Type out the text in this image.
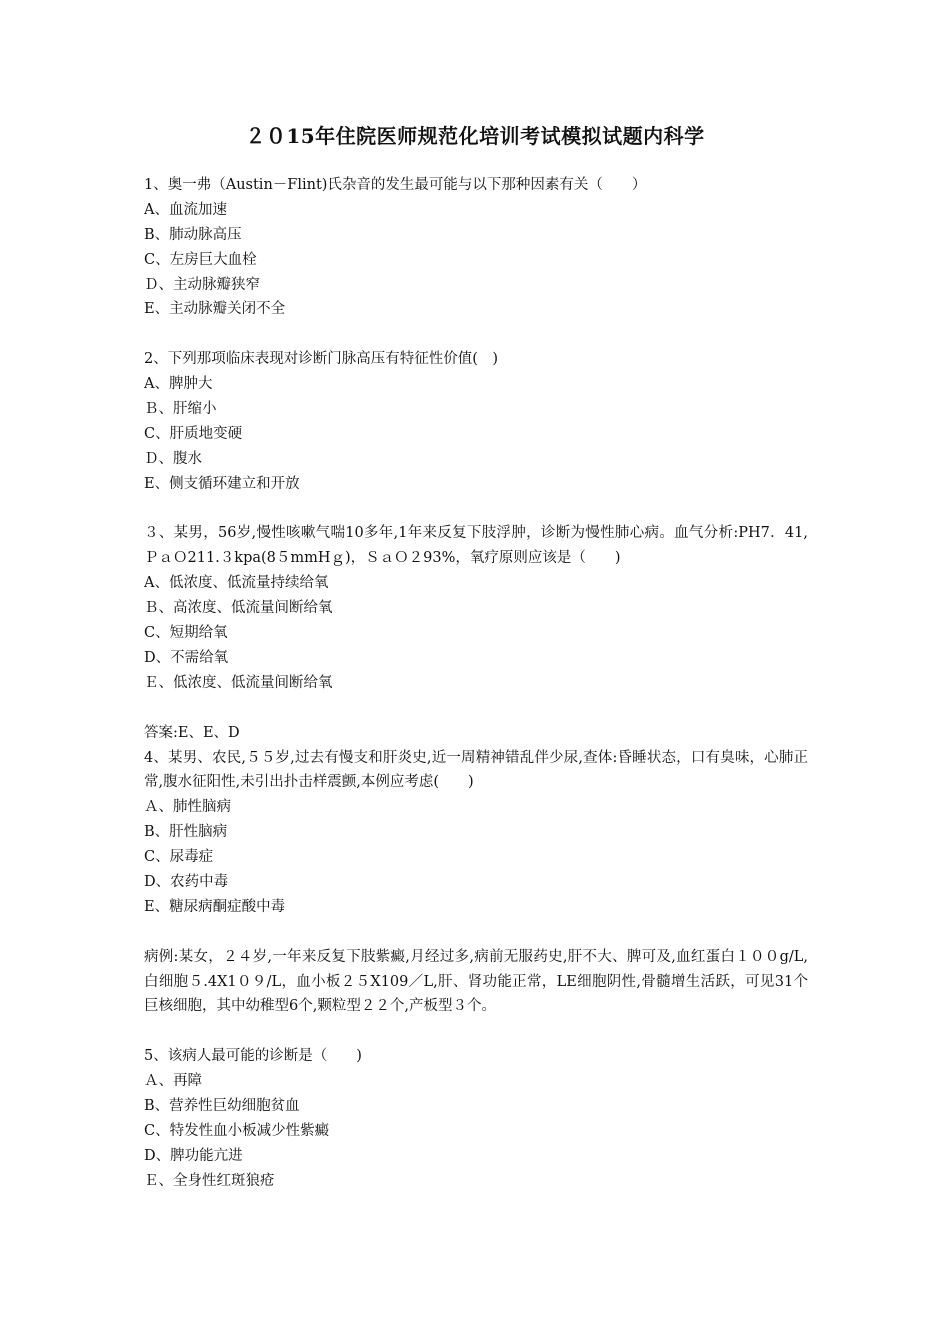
２０15年住院医师规范化培训考试模拟试题内科学
1、奥一弗（Austin－Flint)氏杂音的发生最可能与以下那种因素有关（　　）
A、血流加速
B、肺动脉高压
C、左房巨大血栓
Ｄ、主动脉瓣狭窄
E、主动脉瓣关闭不全
2、下列那项临床表现对诊断门脉高压有特征性价值(　)
A、脾肿大
Ｂ、肝缩小
C、肝质地变硬
Ｄ、腹水
E、侧支循环建立和开放
３、某男，56岁,慢性咳嗽气喘10多年,1年来反复下肢浮肿，诊断为慢性肺心病。血气分析:PH7．41,ＰａＯ211.３kpa(8５mmHｇ)，ＳａＯ２93%，氧疗原则应该是（　　)
A、低浓度、低流量持续给氧
Ｂ、高浓度、低流量间断给氧
C、短期给氧
D、不需给氧
Ｅ、低浓度、低流量间断给氧
答案:E、E、D
4、某男、农民,５５岁,过去有慢支和肝炎史,近一周精神错乱伴少尿,查体:昏睡状态，口有臭味，心肺正常,腹水征阳性,未引出扑击样震颤,本例应考虑(　　)
Ａ、肺性脑病
B、肝性脑病
C、尿毒症
D、农药中毒
E、糖尿病酮症酸中毒
病例:某女，２４岁,一年来反复下肢紫癜,月经过多,病前无服药史,肝不大、脾可及,血红蛋白１００g/L,白细胞５.4X1０９/L，血小板２５X109／L,肝、肾功能正常，LE细胞阴性,骨髓增生活跃，可见31个巨核细胞，其中幼稚型6个,颗粒型２２个,产板型３个。
5、该病人最可能的诊断是（　　)
Ａ、再障
B、营养性巨幼细胞贫血
C、特发性血小板减少性紫癜
D、脾功能亢进
Ｅ、全身性红斑狼疮
